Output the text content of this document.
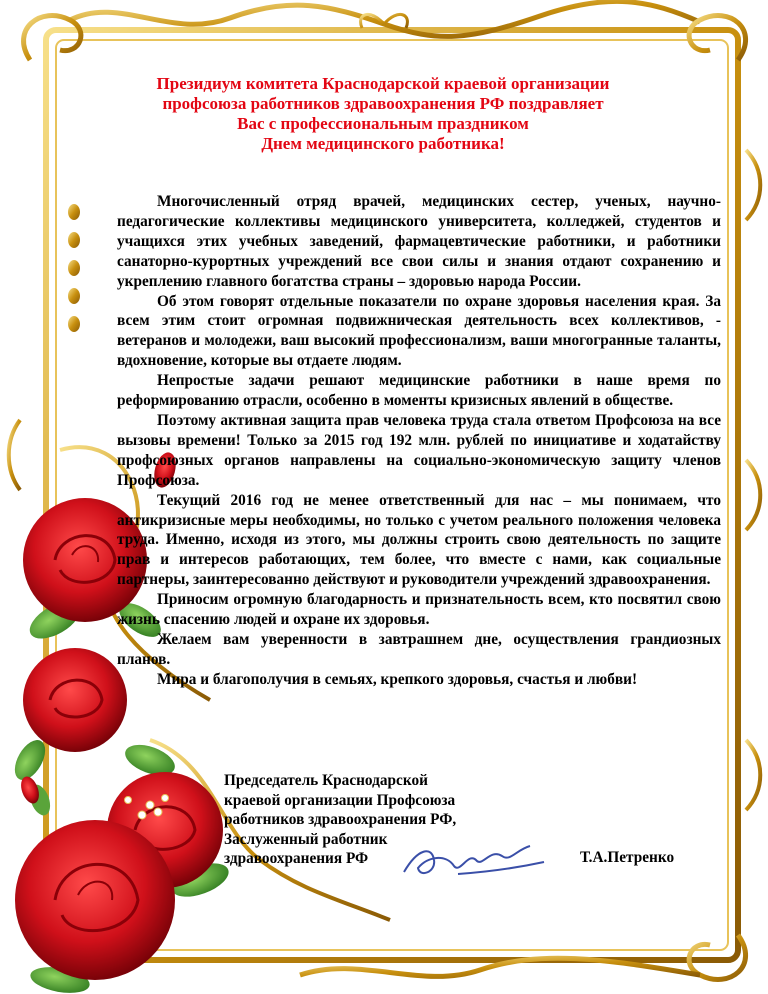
Президиум комитета Краснодарской краевой организации
профсоюза работников здравоохранения РФ поздравляет
Вас с профессиональным праздником
Днем медицинского работника!

Многочисленный отряд врачей, медицинских сестер, ученых, научно-педагогические коллективы медицинского университета, колледжей, студентов и учащихся этих учебных заведений, фармацевтические работники, и работники санаторно-курортных учреждений все свои силы и знания отдают сохранению и укреплению главного богатства страны – здоровью народа России.

Об этом говорят отдельные показатели по охране здоровья населения края. За всем этим стоит огромная подвижническая деятельность всех коллективов, - ветеранов и молодежи, ваш высокий профессионализм, ваши многогранные таланты, вдохновение, которые вы отдаете людям.

Непростые задачи решают медицинские работники в наше время по реформированию отрасли, особенно в моменты кризисных явлений в обществе.

Поэтому активная защита прав человека труда стала ответом Профсоюза на все вызовы времени! Только за 2015 год 192 млн. рублей по инициативе и ходатайству профсоюзных органов направлены на социально-экономическую защиту членов Профсоюза.

Текущий 2016 год не менее ответственный для нас – мы понимаем, что антикризисные меры необходимы, но только с учетом реального положения человека труда. Именно, исходя из этого, мы должны строить свою деятельность по защите прав и интересов работающих, тем более, что вместе с нами, как социальные партнеры, заинтересованно действуют и руководители учреждений здравоохранения.

Приносим огромную благодарность и признательность всем, кто посвятил свою жизнь спасению людей и охране их здоровья.

Желаем вам уверенности в завтрашнем дне, осуществления грандиозных планов.

Мира и благополучия в семьях, крепкого здоровья, счастья и любви!

Председатель Краснодарской
краевой организации Профсоюза
работников здравоохранения РФ,
Заслуженный работник
здравоохранения РФ	Т.А.Петренко
